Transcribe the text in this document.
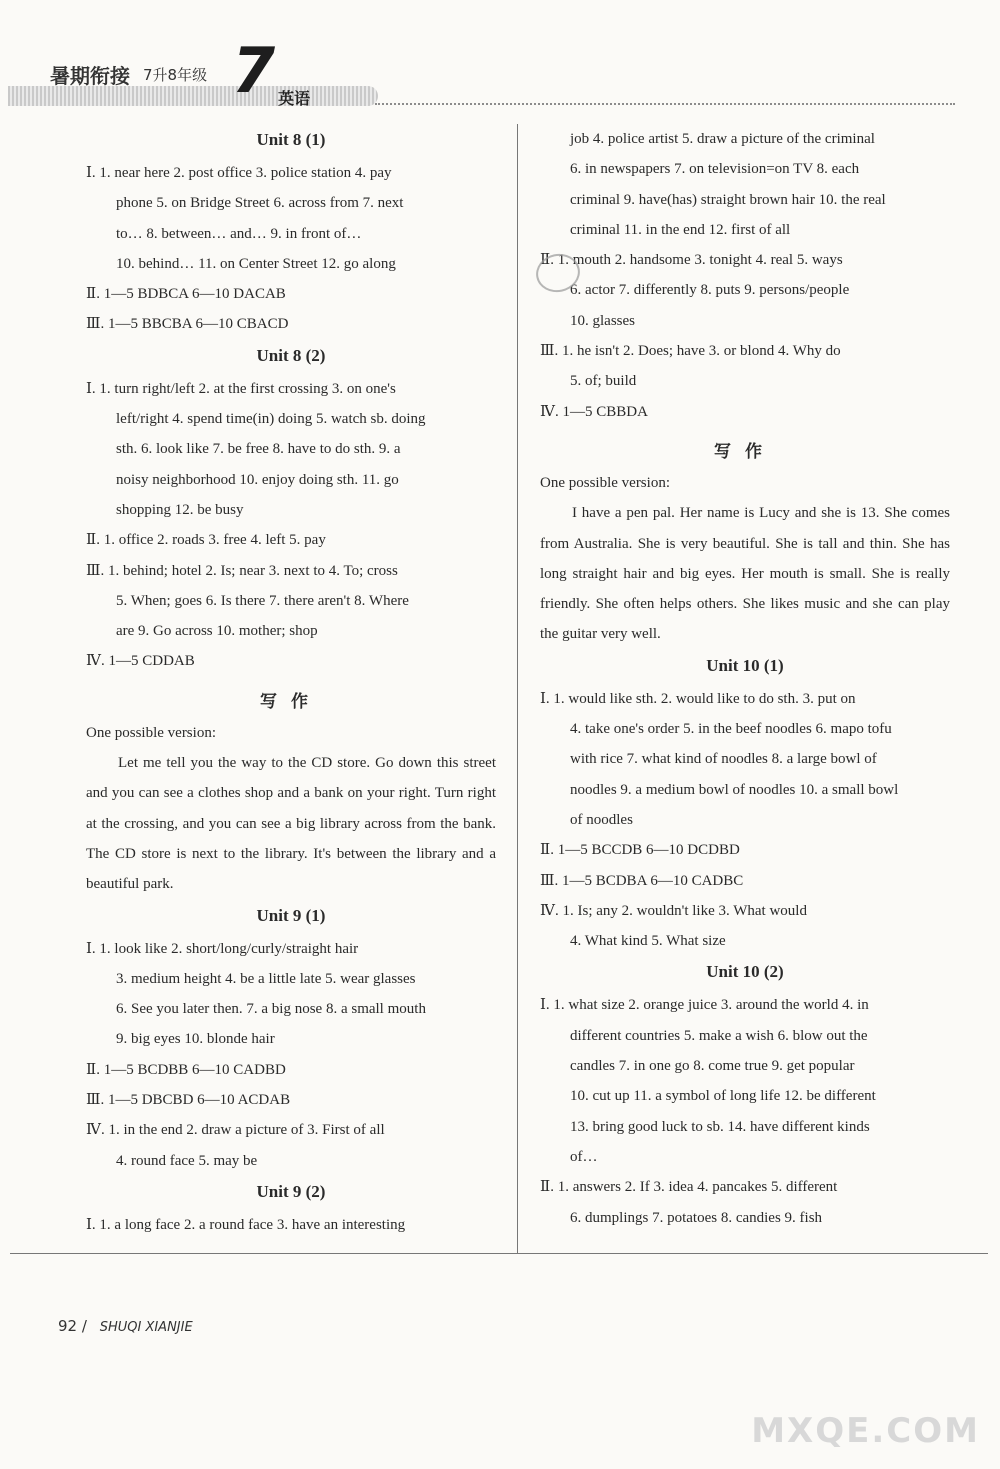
暑期衔接 7升8年级 7 英语
Unit 8 (1)
Ⅰ. 1. near here 2. post office 3. police station 4. pay
phone 5. on Bridge Street 6. across from 7. next
to… 8. between… and… 9. in front of…
10. behind… 11. on Center Street 12. go along
Ⅱ. 1—5 BDBCA 6—10 DACAB
Ⅲ. 1—5 BBCBA 6—10 CBACD
Unit 8 (2)
Ⅰ. 1. turn right/left 2. at the first crossing 3. on one's
left/right 4. spend time(in) doing 5. watch sb. doing
sth. 6. look like 7. be free 8. have to do sth. 9. a
noisy neighborhood 10. enjoy doing sth. 11. go
shopping 12. be busy
Ⅱ. 1. office 2. roads 3. free 4. left 5. pay
Ⅲ. 1. behind; hotel 2. Is; near 3. next to 4. To; cross
5. When; goes 6. Is there 7. there aren't 8. Where
are 9. Go across 10. mother; shop
Ⅳ. 1—5 CDDAB
写作
One possible version:
Let me tell you the way to the CD store. Go down this street and you can see a clothes shop and a bank on your right. Turn right at the crossing, and you can see a big library across from the bank. The CD store is next to the library. It's between the library and a beautiful park.
Unit 9 (1)
Ⅰ. 1. look like 2. short/long/curly/straight hair
3. medium height 4. be a little late 5. wear glasses
6. See you later then. 7. a big nose 8. a small mouth
9. big eyes 10. blonde hair
Ⅱ. 1—5 BCDBB 6—10 CADBD
Ⅲ. 1—5 DBCBD 6—10 ACDAB
Ⅳ. 1. in the end 2. draw a picture of 3. First of all
4. round face 5. may be
Unit 9 (2)
Ⅰ. 1. a long face 2. a round face 3. have an interesting
job 4. police artist 5. draw a picture of the criminal
6. in newspapers 7. on television=on TV 8. each
criminal 9. have(has) straight brown hair 10. the real
criminal 11. in the end 12. first of all
Ⅱ. 1. mouth 2. handsome 3. tonight 4. real 5. ways
6. actor 7. differently 8. puts 9. persons/people
10. glasses
Ⅲ. 1. he isn't 2. Does; have 3. or blond 4. Why do
5. of; build
Ⅳ. 1—5 CBBDA
写作
One possible version:
I have a pen pal. Her name is Lucy and she is 13. She comes from Australia. She is very beautiful. She is tall and thin. She has long straight hair and big eyes. Her mouth is small. She is really friendly. She often helps others. She likes music and she can play the guitar very well.
Unit 10 (1)
Ⅰ. 1. would like sth. 2. would like to do sth. 3. put on
4. take one's order 5. in the beef noodles 6. mapo tofu
with rice 7. what kind of noodles 8. a large bowl of
noodles 9. a medium bowl of noodles 10. a small bowl
of noodles
Ⅱ. 1—5 BCCDB 6—10 DCDBD
Ⅲ. 1—5 BCDBA 6—10 CADBC
Ⅳ. 1. Is; any 2. wouldn't like 3. What would
4. What kind 5. What size
Unit 10 (2)
Ⅰ. 1. what size 2. orange juice 3. around the world 4. in
different countries 5. make a wish 6. blow out the
candles 7. in one go 8. come true 9. get popular
10. cut up 11. a symbol of long life 12. be different
13. bring good luck to sb. 14. have different kinds
of…
Ⅱ. 1. answers 2. If 3. idea 4. pancakes 5. different
6. dumplings 7. potatoes 8. candies 9. fish
92 / SHUQI XIANJIE
MXQE.COM
